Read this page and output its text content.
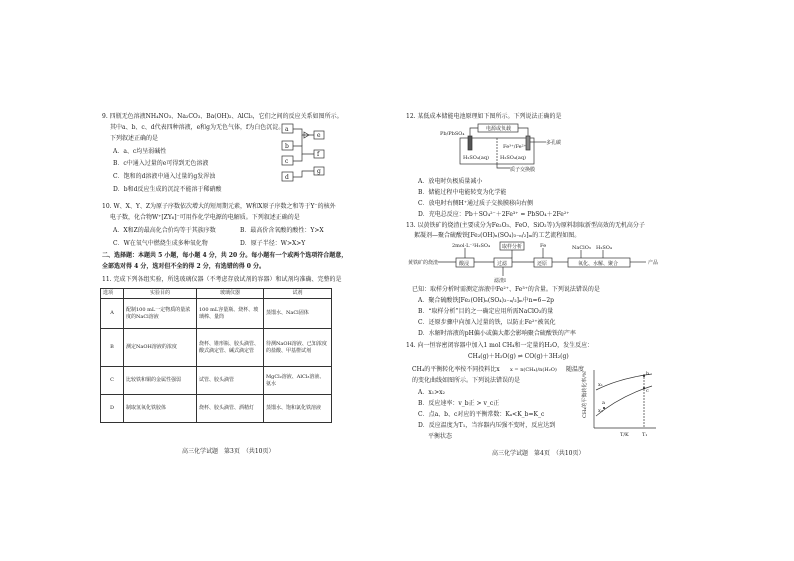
9. 四瓶无色溶液NH₄NO₃、Na₂CO₃、Ba(OH)₂、AlCl₃，它们之间的反应关系如图所示。
其中a、b、c、d代表四种溶液，e和g为无色气体，f为白色沉淀。
下列叙述正确的是
A．a、c均呈弱碱性
B．c中通入过量的e可得到无色溶液
C．饱和的d溶液中通入过量的g发浑浊
D．b和d反应生成的沉淀不能溶于稀硝酸
a
b
c
d
e
f
g
10. W、X、Y、Z为原子序数依次增大的短周期元素，W和X原子序数之和等于Y⁻的核外
电子数，化合物W⁺[ZY₆]⁻可用作化学电源的电解质。下列叙述正确的是
A．X和Z的最高化合价均等于其族序数	B．最高价含氧酸的酸性：Y>X
C．W在氧气中燃烧生成多种氧化物	D．原子半径：W>X>Y
二、选择题：本题共 5 小题，每小题 4 分，共 20 分。每小题有一个或两个选项符合题意，
全部选对得 4 分，选对但不全的得 2 分，有选错的得 0 分。
11. 完成下列各组实验，所选玻璃仪器（不考虑存放试剂的容器）和试剂均准确、完整的是
选项	实验目的	玻璃仪器	试剂
A	配制100 mL一定物质的量浓度的NaCl溶液	100 mL容量瓶、烧杯、玻璃棒、量筒	蒸馏水、NaCl固体
B	测定NaOH溶液的浓度	烧杯、锥形瓶、胶头滴管、酸式滴定管、碱式滴定管	待测NaOH溶液、已知浓度的盐酸、甲基橙试剂
C	比较铁和铜的金属性强弱	试管、胶头滴管	MgCl₂溶液、AlCl₃溶液、氨水
D	制取氢氧化铁胶体	烧杯、胶头滴管、酒精灯	蒸馏水、饱和氯化铁溶液
高三化学试题　第3页　（共10页）
12. 某低成本储能电池原理如下图所示。下列说法正确的是
Pb/PbSO₄
电源或负载
Fe³⁺/Fe²⁺
H₂SO₄(aq) H₂SO₄(aq)
多孔碳
质子交换膜
A．放电时负极质量减小
B．储能过程中电能转变为化学能
C．放电时右侧H⁺通过质子交换膜移向右侧
D．充电总反应：Pb＋SO₄²⁻＋2Fe³⁺ = PbSO₄＋2Fe²⁺
13. 以黄铁矿的烧渣(主要成分为Fe₂O₃、FeO、SiO₂等)为原料制取新型高效的无机高分子
絮凝剂—聚合硫酸铁[Fe₂(OH)ₙ(SO₄)₃₋ₙ/₂]ₘ的工艺流程如图。
黄铁矿的烧渣
2mol·L⁻¹H₂SO₄ 取样分析	Fe	NaClO₃ H₂SO₄
酸浸	过滤	还原	氧化、水解、聚合	产品
滤渣Ⅰ
已知：取样分析时需测定溶液中Fe²⁺、Fe³⁺的含量。下列说法错误的是
A．聚合硫酸铁[Fe₂(OH)ₙ(SO₄)₃₋ₙ/₂]ₘ中n=6−2p
B．“取样分析”目的之一确定应用所需NaClO₃的量
C．还原步骤中向加入过量的铁，以防止Fe²⁺被氧化
D．水解时溶液的pH偏小或偏大都会影响聚合硫酸铁的产率
14. 向一恒容密闭容器中加入1 mol CH₄和一定量的H₂O，发生反应：
CH₄(g)＋H₂O(g) ⇌ CO(g)＋3H₂(g)
CH₄的平衡转化率按不同投料比x x = n(CH₄)/n(H₂O) 随温度
的变化曲线如图所示。下列说法错误的是
A．x₁>x₂
B．反应速率：v_b正 > v_c正
C．点a、b、c对应的平衡常数：Kₐ<K_b=K_c
D．反应温度为T₁，当容器内压强不变时，反应达到
平衡状态
CH₄的平衡转化率/%
T/K	T₁
x₁
x₂
a
b
c
高三化学试题　第4页　（共10页）
